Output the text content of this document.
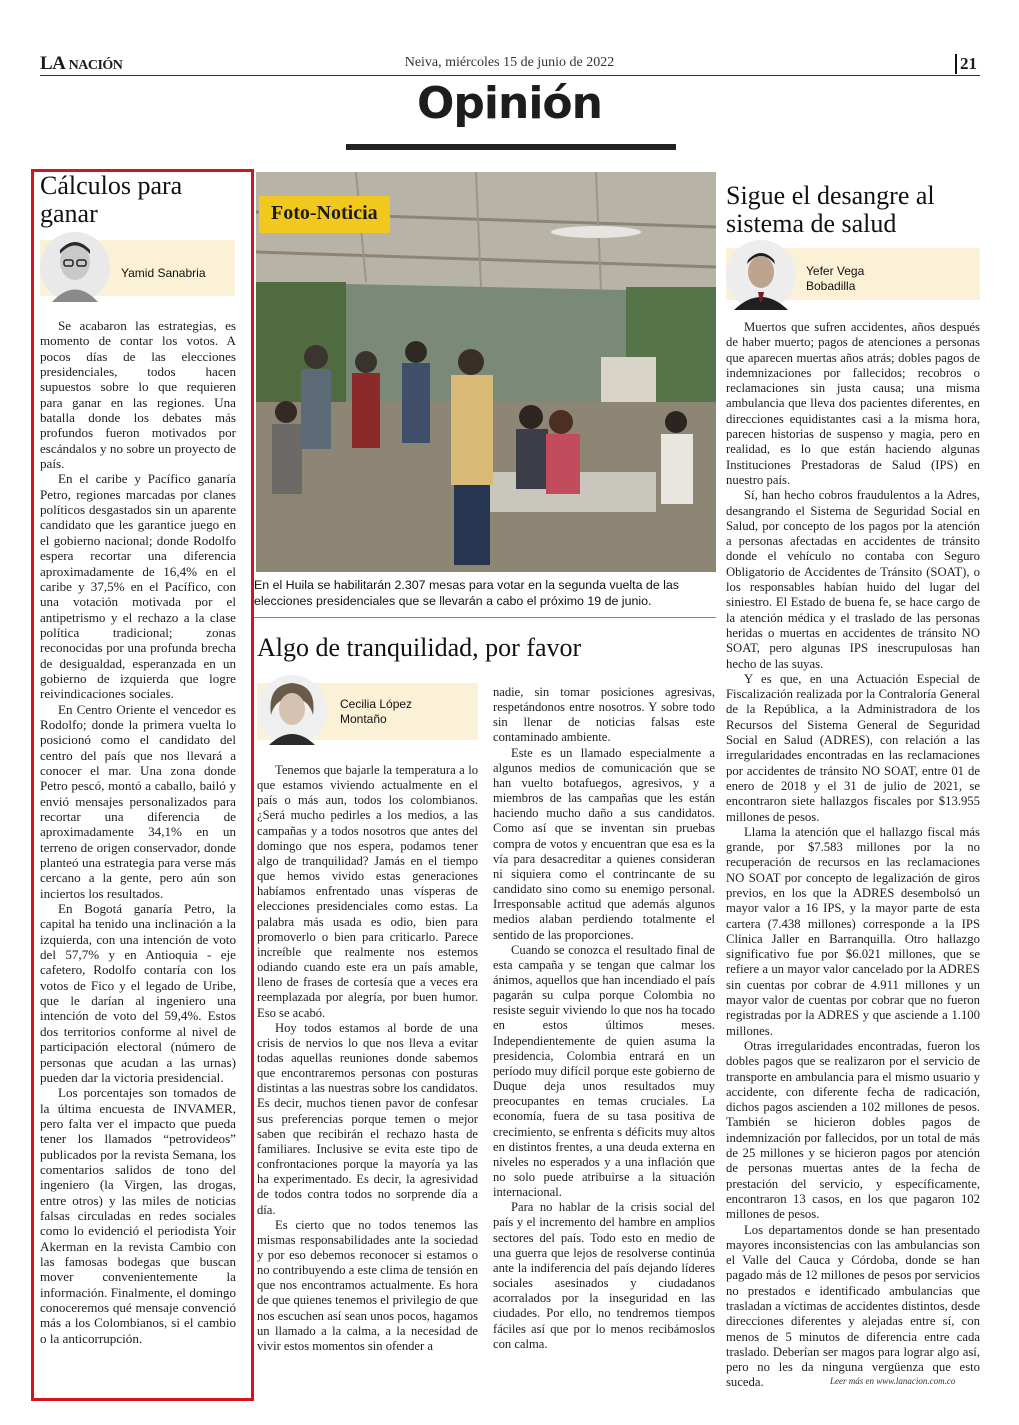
LA NACIÓN	Neiva, miércoles 15 de junio de 2022	21
Opinión
Cálculos para ganar
Yamid Sanabria

Se acabaron las estrategias, es momento de contar los votos. A pocos días de las elecciones presidenciales, todos hacen supuestos sobre lo que requieren para ganar en las regiones. Una batalla donde los debates más profundos fueron motivados por escándalos y no sobre un proyecto de país.

En el caribe y Pacífico ganaría Petro, regiones marcadas por clanes políticos desgastados sin un aparente candidato que les garantice juego en el gobierno nacional; donde Rodolfo espera recortar una diferencia aproximadamente de 16,4% en el caribe y 37,5% en el Pacífico, con una votación motivada por el antipetrismo y el rechazo a la clase política tradicional; zonas reconocidas por una profunda brecha de desigualdad, esperanzada en un gobierno de izquierda que logre reivindicaciones sociales.

En Centro Oriente el vencedor es Rodolfo; donde la primera vuelta lo posicionó como el candidato del centro del país que nos llevará a conocer el mar. Una zona donde Petro pescó, montó a caballo, bailó y envió mensajes personalizados para recortar una diferencia de aproximadamente 34,1% en un terreno de origen conservador, donde planteó una estrategia para verse más cercano a la gente, pero aún son inciertos los resultados.

En Bogotá ganaría Petro, la capital ha tenido una inclinación a la izquierda, con una intención de voto del 57,7% y en Antioquia - eje cafetero, Rodolfo contaría con los votos de Fico y el legado de Uribe, que le darían al ingeniero una intención de voto del 59,4%. Estos dos territorios conforme al nivel de participación electoral (número de personas que acudan a las urnas) pueden dar la victoria presidencial.

Los porcentajes son tomados de la última encuesta de INVAMER, pero falta ver el impacto que pueda tener los llamados “petrovideos” publicados por la revista Semana, los comentarios salidos de tono del ingeniero (la Virgen, las drogas, entre otros) y las miles de noticias falsas circuladas en redes sociales como lo evidenció el periodista Yoir Akerman en la revista Cambio con las famosas bodegas que buscan mover convenientemente la información. Finalmente, el domingo conoceremos qué mensaje convenció más a los Colombianos, si el cambio o la anticorrupción.

Foto-Noticia
En el Huila se habilitarán 2.307 mesas para votar en la segunda vuelta de las elecciones presidenciales que se llevarán a cabo el próximo 19 de junio.
Algo de tranquilidad, por favor
Cecilia López
Montaño

Tenemos que bajarle la temperatura a lo que estamos viviendo actualmente en el país o más aun, todos los colombianos. ¿Será mucho pedirles a los medios, a las campañas y a todos nosotros que antes del domingo que nos espera, podamos tener algo de tranquilidad? Jamás en el tiempo que hemos vivido estas generaciones habíamos enfrentado unas vísperas de elecciones presidenciales como estas. La palabra más usada es odio, bien para promoverlo o bien para criticarlo. Parece increíble que realmente nos estemos odiando cuando este era un país amable, lleno de frases de cortesía que a veces era reemplazada por alegría, por buen humor. Eso se acabó.

Hoy todos estamos al borde de una crisis de nervios lo que nos lleva a evitar todas aquellas reuniones donde sabemos que encontraremos personas con posturas distintas a las nuestras sobre los candidatos. Es decir, muchos tienen pavor de confesar sus preferencias porque temen o mejor saben que recibirán el rechazo hasta de familiares. Inclusive se evita este tipo de confrontaciones porque la mayoría ya las ha experimentado. Es decir, la agresividad de todos contra todos no sorprende día a día.

Es cierto que no todos tenemos las mismas responsabilidades ante la sociedad y por eso debemos reconocer si estamos o no contribuyendo a este clima de tensión en que nos encontramos actualmente. Es hora de que quienes tenemos el privilegio de que nos escuchen así sean unos pocos, hagamos un llamado a la calma, a la necesidad de vivir estos momentos sin ofender a

nadie, sin tomar posiciones agresivas, respetándonos entre nosotros. Y sobre todo sin llenar de noticias falsas este contaminado ambiente.

Este es un llamado especialmente a algunos medios de comunicación que se han vuelto botafuegos, agresivos, y a miembros de las campañas que les están haciendo mucho daño a sus candidatos. Como así que se inventan sin pruebas compra de votos y encuentran que esa es la vía para desacreditar a quienes consideran ni siquiera como el contrincante de su candidato sino como su enemigo personal. Irresponsable actitud que además algunos medios alaban perdiendo totalmente el sentido de las proporciones.

Cuando se conozca el resultado final de esta campaña y se tengan que calmar los ánimos, aquellos que han incendiado el país pagarán su culpa porque Colombia no resiste seguir viviendo lo que nos ha tocado en estos últimos meses. Independientemente de quien asuma la presidencia, Colombia entrará en un período muy difícil porque este gobierno de Duque deja unos resultados muy preocupantes en temas cruciales. La economía, fuera de su tasa positiva de crecimiento, se enfrenta s déficits muy altos en distintos frentes, a una deuda externa en niveles no esperados y a una inflación que no solo puede atribuirse a la situación internacional.

Para no hablar de la crisis social del país y el incremento del hambre en amplios sectores del país. Todo esto en medio de una guerra que lejos de resolverse continúa ante la indiferencia del país dejando líderes sociales asesinados y ciudadanos acorralados por la inseguridad en las ciudades. Por ello, no tendremos tiempos fáciles así que por lo menos recibámoslos con calma.

Sigue el desangre al sistema de salud
Yefer Vega
Bobadilla

Muertos que sufren accidentes, años después de haber muerto; pagos de atenciones a personas que aparecen muertas años atrás; dobles pagos de indemnizaciones por fallecidos; recobros o reclamaciones sin justa causa; una misma ambulancia que lleva dos pacientes diferentes, en direcciones equidistantes casi a la misma hora, parecen historias de suspenso y magia, pero en realidad, es lo que están haciendo algunas Instituciones Prestadoras de Salud (IPS) en nuestro país.

Sí, han hecho cobros fraudulentos a la Adres, desangrando el Sistema de Seguridad Social en Salud, por concepto de los pagos por la atención a personas afectadas en accidentes de tránsito donde el vehículo no contaba con Seguro Obligatorio de Accidentes de Tránsito (SOAT), o los responsables habían huido del lugar del siniestro. El Estado de buena fe, se hace cargo de la atención médica y el traslado de las personas heridas o muertas en accidentes de tránsito NO SOAT, pero algunas IPS inescrupulosas han hecho de las suyas.

Y es que, en una Actuación Especial de Fiscalización realizada por la Contraloría General de la República, a la Administradora de los Recursos del Sistema General de Seguridad Social en Salud (ADRES), con relación a las irregularidades encontradas en las reclamaciones por accidentes de tránsito NO SOAT, entre 01 de enero de 2018 y el 31 de julio de 2021, se encontraron siete hallazgos fiscales por $13.955 millones de pesos.

Llama la atención que el hallazgo fiscal más grande, por $7.583 millones por la no recuperación de recursos en las reclamaciones NO SOAT por concepto de legalización de giros previos, en los que la ADRES desembolsó un mayor valor a 16 IPS, y la mayor parte de esta cartera (7.438 millones) corresponde a la IPS Clínica Jaller en Barranquilla. Otro hallazgo significativo fue por $6.021 millones, que se refiere a un mayor valor cancelado por la ADRES sin cuentas por cobrar de 4.911 millones y un mayor valor de cuentas por cobrar que no fueron registradas por la ADRES y que asciende a 1.100 millones.

Otras irregularidades encontradas, fueron los dobles pagos que se realizaron por el servicio de transporte en ambulancia para el mismo usuario y accidente, con diferente fecha de radicación, dichos pagos ascienden a 102 millones de pesos. También se hicieron dobles pagos de indemnización por fallecidos, por un total de más de 25 millones y se hicieron pagos por atención de personas muertas antes de la fecha de prestación del servicio, y específicamente, encontraron 13 casos, en los que pagaron 102 millones de pesos.

Los departamentos donde se han presentado mayores inconsistencias con las ambulancias son el Valle del Cauca y Córdoba, donde se han pagado más de 12 millones de pesos por servicios no prestados e identificado ambulancias que trasladan a víctimas de accidentes distintos, desde direcciones diferentes y alejadas entre sí, con menos de 5 minutos de diferencia entre cada traslado. Deberían ser magos para lograr algo así, pero no les da ninguna vergüenza que esto suceda.	Leer más en www.lanacion.com.co
